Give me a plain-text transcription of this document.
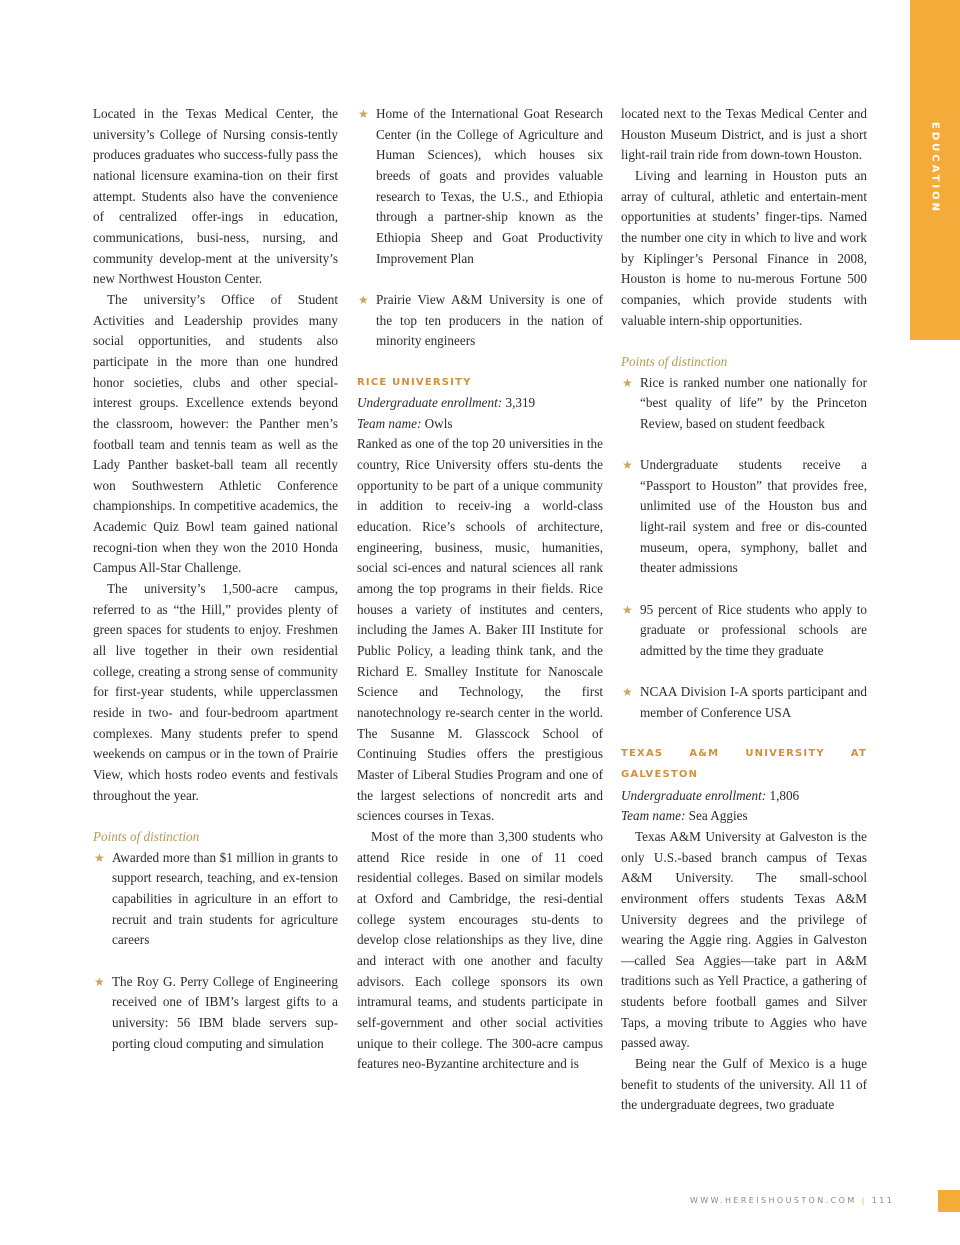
EDUCATION

Located in the Texas Medical Center, the university’s College of Nursing consis-tently produces graduates who success-fully pass the national licensure examina-tion on their first attempt. Students also have the convenience of centralized offer-ings in education, communications, busi-ness, nursing, and community develop-ment at the university’s new Northwest Houston Center.

The university’s Office of Student Activities and Leadership provides many social opportunities, and students also participate in the more than one hundred honor societies, clubs and other special-interest groups. Excellence extends beyond the classroom, however: the Panther men’s football team and tennis team as well as the Lady Panther basket-ball team all recently won Southwestern Athletic Conference championships. In competitive academics, the Academic Quiz Bowl team gained national recogni-tion when they won the 2010 Honda Campus All-Star Challenge.

The university’s 1,500-acre campus, referred to as “the Hill,” provides plenty of green spaces for students to enjoy. Freshmen all live together in their own residential college, creating a strong sense of community for first-year students, while upperclassmen reside in two- and four-bedroom apartment complexes. Many students prefer to spend weekends on campus or in the town of Prairie View, which hosts rodeo events and festivals throughout the year.

Points of distinction

★ Awarded more than $1 million in grants to support research, teaching, and ex-tension capabilities in agriculture in an effort to recruit and train students for agriculture careers
★ The Roy G. Perry College of Engineering received one of IBM’s largest gifts to a university: 56 IBM blade servers sup-porting cloud computing and simulation
★ Home of the International Goat Research Center (in the College of Agriculture and Human Sciences), which houses six breeds of goats and provides valuable research to Texas, the U.S., and Ethiopia through a partner-ship known as the Ethiopia Sheep and Goat Productivity Improvement Plan
★ Prairie View A&M University is one of the top ten producers in the nation of minority engineers

RICE UNIVERSITY

Undergraduate enrollment: 3,319

Team name: Owls

Ranked as one of the top 20 universities in the country, Rice University offers stu-dents the opportunity to be part of a unique community in addition to receiv-ing a world-class education. Rice’s schools of architecture, engineering, business, music, humanities, social sci-ences and natural sciences all rank among the top programs in their fields. Rice houses a variety of institutes and centers, including the James A. Baker III Institute for Public Policy, a leading think tank, and the Richard E. Smalley Institute for Nanoscale Science and Technology, the first nanotechnology re-search center in the world. The Susanne M. Glasscock School of Continuing Studies offers the prestigious Master of Liberal Studies Program and one of the largest selections of noncredit arts and sciences courses in Texas.

Most of the more than 3,300 students who attend Rice reside in one of 11 coed residential colleges. Based on similar models at Oxford and Cambridge, the resi-dential college system encourages stu-dents to develop close relationships as they live, dine and interact with one another and faculty advisors. Each college sponsors its own intramural teams, and students participate in self-government and other social activities unique to their college. The 300-acre campus features neo-Byzantine architecture and is

located next to the Texas Medical Center and Houston Museum District, and is just a short light-rail train ride from down-town Houston.

Living and learning in Houston puts an array of cultural, athletic and entertain-ment opportunities at students’ finger-tips. Named the number one city in which to live and work by Kiplinger’s Personal Finance in 2008, Houston is home to nu-merous Fortune 500 companies, which provide students with valuable intern-ship opportunities.

Points of distinction

★ Rice is ranked number one nationally for “best quality of life” by the Princeton Review, based on student feedback
★ Undergraduate students receive a “Passport to Houston” that provides free, unlimited use of the Houston bus and light-rail system and free or dis-counted museum, opera, symphony, ballet and theater admissions
★ 95 percent of Rice students who apply to graduate or professional schools are admitted by the time they graduate
★ NCAA Division I-A sports participant and member of Conference USA

TEXAS A&M UNIVERSITY AT GALVESTON

Undergraduate enrollment: 1,806

Team name: Sea Aggies

Texas A&M University at Galveston is the only U.S.-based branch campus of Texas A&M University. The small-school environment offers students Texas A&M University degrees and the privilege of wearing the Aggie ring. Aggies in Galveston—called Sea Aggies—take part in A&M traditions such as Yell Practice, a gathering of students before football games and Silver Taps, a moving tribute to Aggies who have passed away.

Being near the Gulf of Mexico is a huge benefit to students of the university. All 11 of the undergraduate degrees, two graduate

WWW.HEREISHOUSTON.COM | 111
